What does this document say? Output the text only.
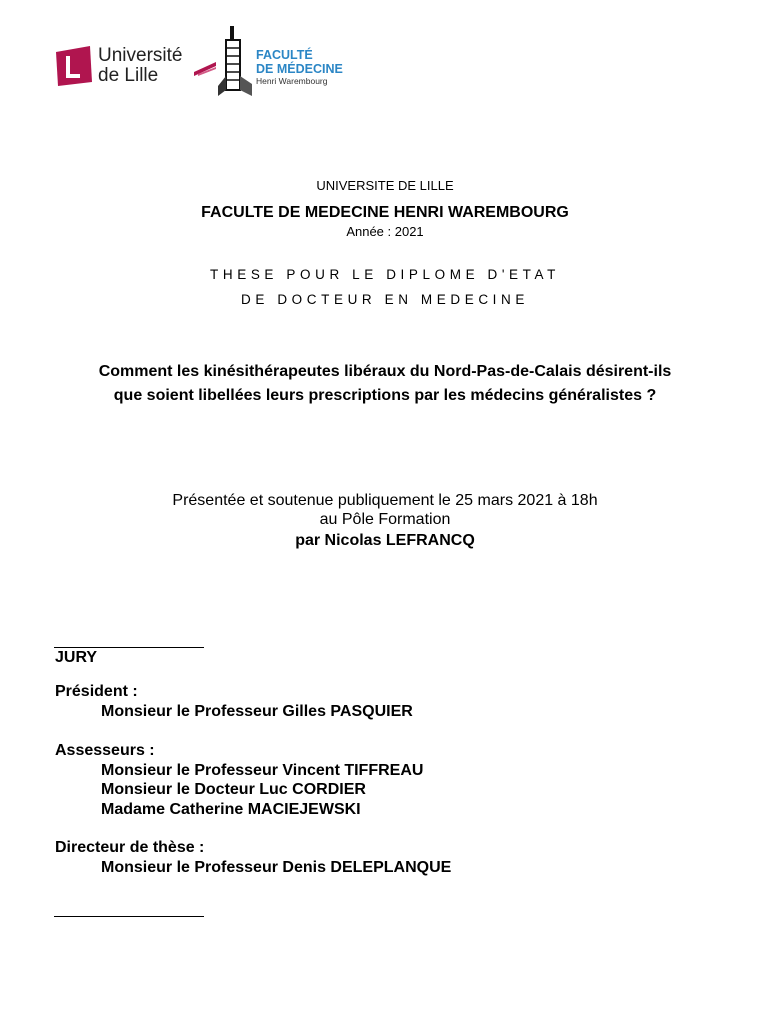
Université
de Lille
FACULTÉ
DE MÉDECINE
Henri Warembourg
UNIVERSITE DE LILLE
FACULTE DE MEDECINE HENRI WAREMBOURG
Année : 2021
THESE POUR LE DIPLOME D'ETAT
DE DOCTEUR EN MEDECINE
Comment les kinésithérapeutes libéraux du Nord-Pas-de-Calais désirent-ils
que soient libellées leurs prescriptions par les médecins généralistes ?
Présentée et soutenue publiquement le 25 mars 2021 à 18h
au Pôle Formation
par Nicolas LEFRANCQ
JURY
Président :
Monsieur le Professeur Gilles PASQUIER
Assesseurs :
Monsieur le Professeur Vincent TIFFREAU
Monsieur le Docteur Luc CORDIER
Madame Catherine MACIEJEWSKI
Directeur de thèse :
Monsieur le Professeur Denis DELEPLANQUE
